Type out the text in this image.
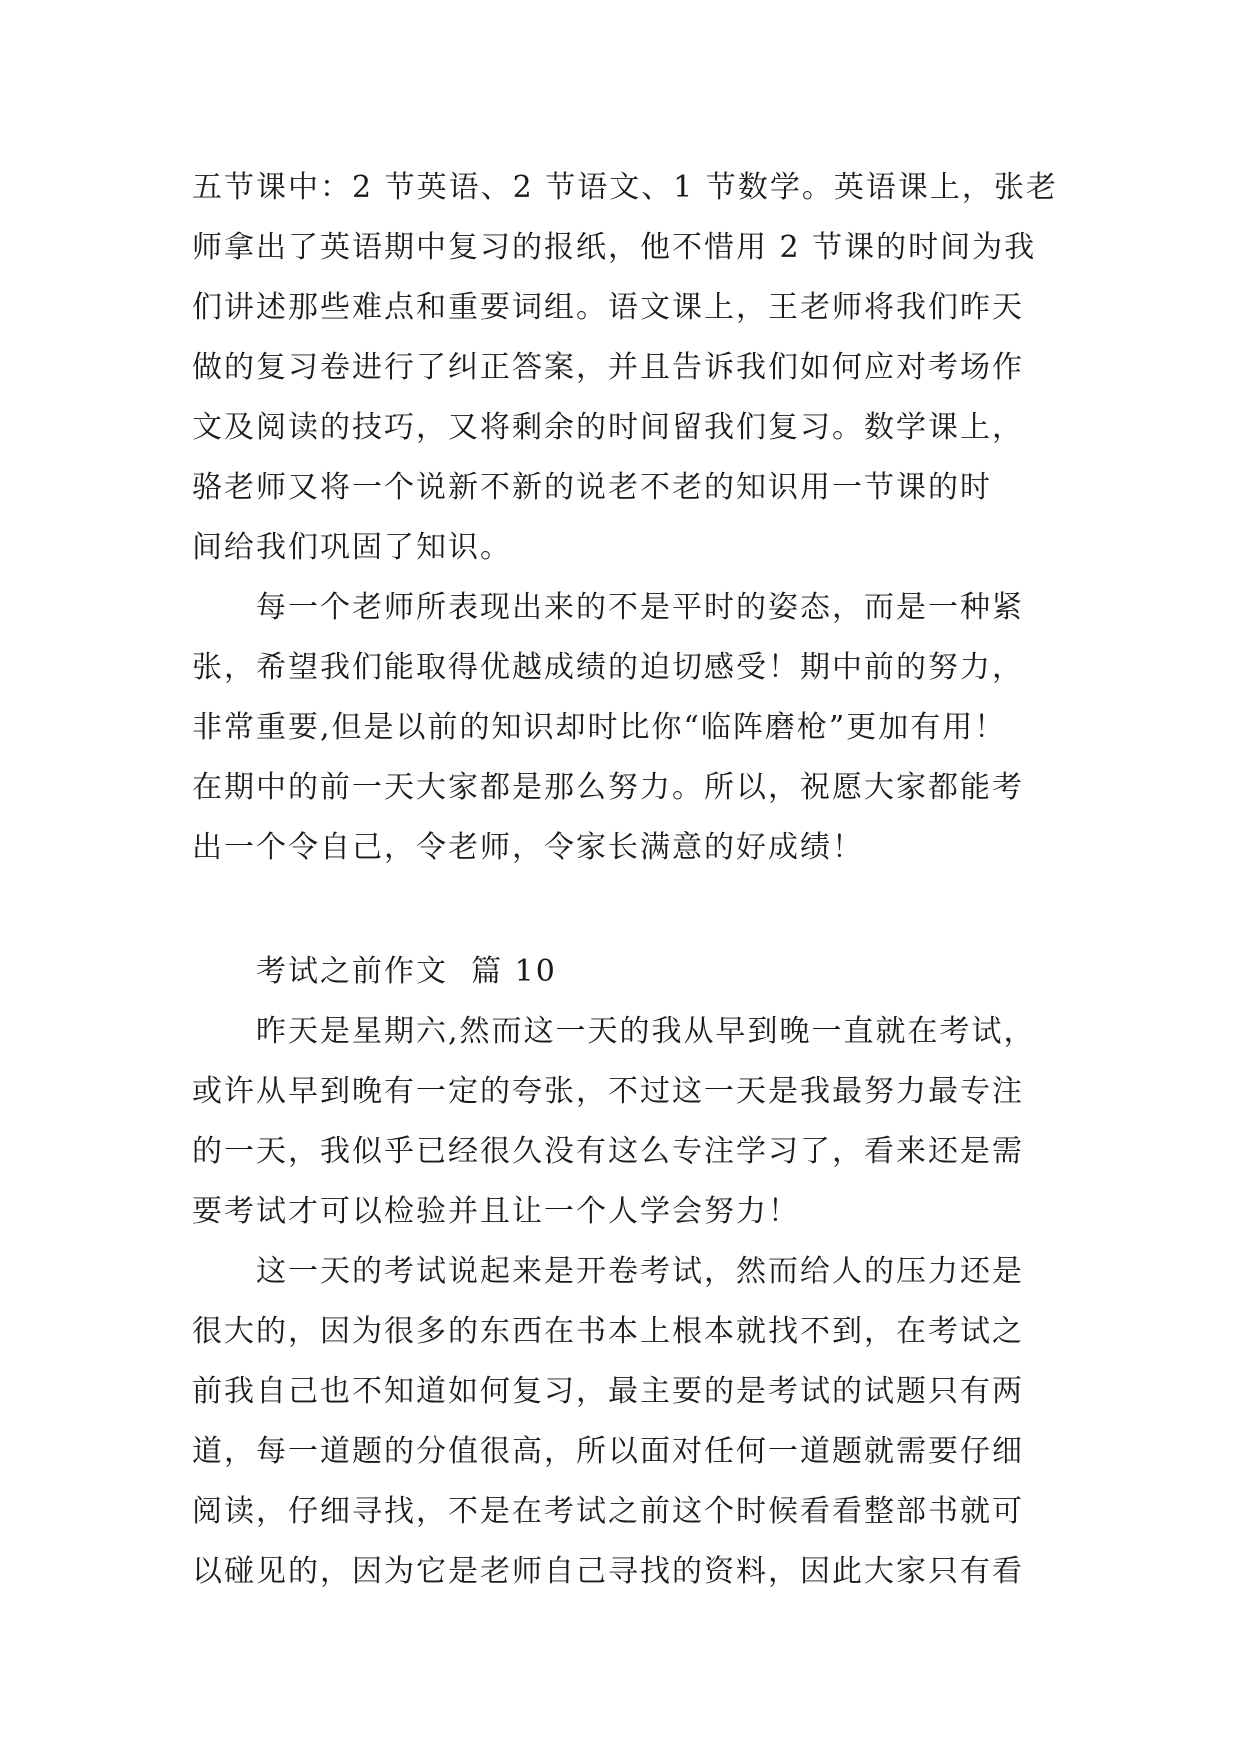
五节课中：2 节英语、2 节语文、1 节数学。英语课上，张老
师拿出了英语期中复习的报纸，他不惜用 2 节课的时间为我
们讲述那些难点和重要词组。语文课上，王老师将我们昨天
做的复习卷进行了纠正答案，并且告诉我们如何应对考场作
文及阅读的技巧，又将剩余的时间留我们复习。数学课上，
骆老师又将一个说新不新的说老不老的知识用一节课的时
间给我们巩固了知识。
每一个老师所表现出来的不是平时的姿态，而是一种紧
张，希望我们能取得优越成绩的迫切感受！期中前的努力，
非常重要,但是以前的知识却时比你“临阵磨枪”更加有用！
在期中的前一天大家都是那么努力。所以，祝愿大家都能考
出一个令自己，令老师，令家长满意的好成绩！
考试之前作文  篇 10
昨天是星期六,然而这一天的我从早到晚一直就在考试，
或许从早到晚有一定的夸张，不过这一天是我最努力最专注
的一天，我似乎已经很久没有这么专注学习了，看来还是需
要考试才可以检验并且让一个人学会努力！
这一天的考试说起来是开卷考试，然而给人的压力还是
很大的，因为很多的东西在书本上根本就找不到，在考试之
前我自己也不知道如何复习，最主要的是考试的试题只有两
道，每一道题的分值很高，所以面对任何一道题就需要仔细
阅读，仔细寻找，不是在考试之前这个时候看看整部书就可
以碰见的，因为它是老师自己寻找的资料，因此大家只有看
